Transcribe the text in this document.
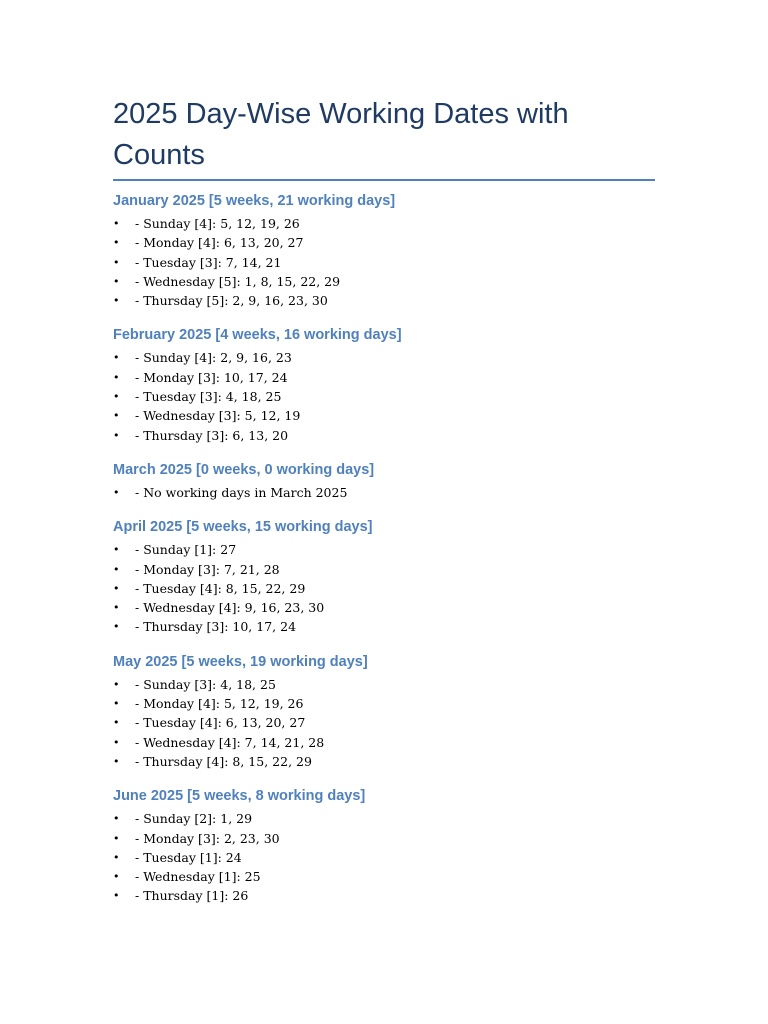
2025 Day-Wise Working Dates with Counts
January 2025 [5 weeks, 21 working days]
• - Sunday [4]: 5, 12, 19, 26
• - Monday [4]: 6, 13, 20, 27
• - Tuesday [3]: 7, 14, 21
• - Wednesday [5]: 1, 8, 15, 22, 29
• - Thursday [5]: 2, 9, 16, 23, 30
February 2025 [4 weeks, 16 working days]
• - Sunday [4]: 2, 9, 16, 23
• - Monday [3]: 10, 17, 24
• - Tuesday [3]: 4, 18, 25
• - Wednesday [3]: 5, 12, 19
• - Thursday [3]: 6, 13, 20
March 2025 [0 weeks, 0 working days]
• - No working days in March 2025
April 2025 [5 weeks, 15 working days]
• - Sunday [1]: 27
• - Monday [3]: 7, 21, 28
• - Tuesday [4]: 8, 15, 22, 29
• - Wednesday [4]: 9, 16, 23, 30
• - Thursday [3]: 10, 17, 24
May 2025 [5 weeks, 19 working days]
• - Sunday [3]: 4, 18, 25
• - Monday [4]: 5, 12, 19, 26
• - Tuesday [4]: 6, 13, 20, 27
• - Wednesday [4]: 7, 14, 21, 28
• - Thursday [4]: 8, 15, 22, 29
June 2025 [5 weeks, 8 working days]
• - Sunday [2]: 1, 29
• - Monday [3]: 2, 23, 30
• - Tuesday [1]: 24
• - Wednesday [1]: 25
• - Thursday [1]: 26
